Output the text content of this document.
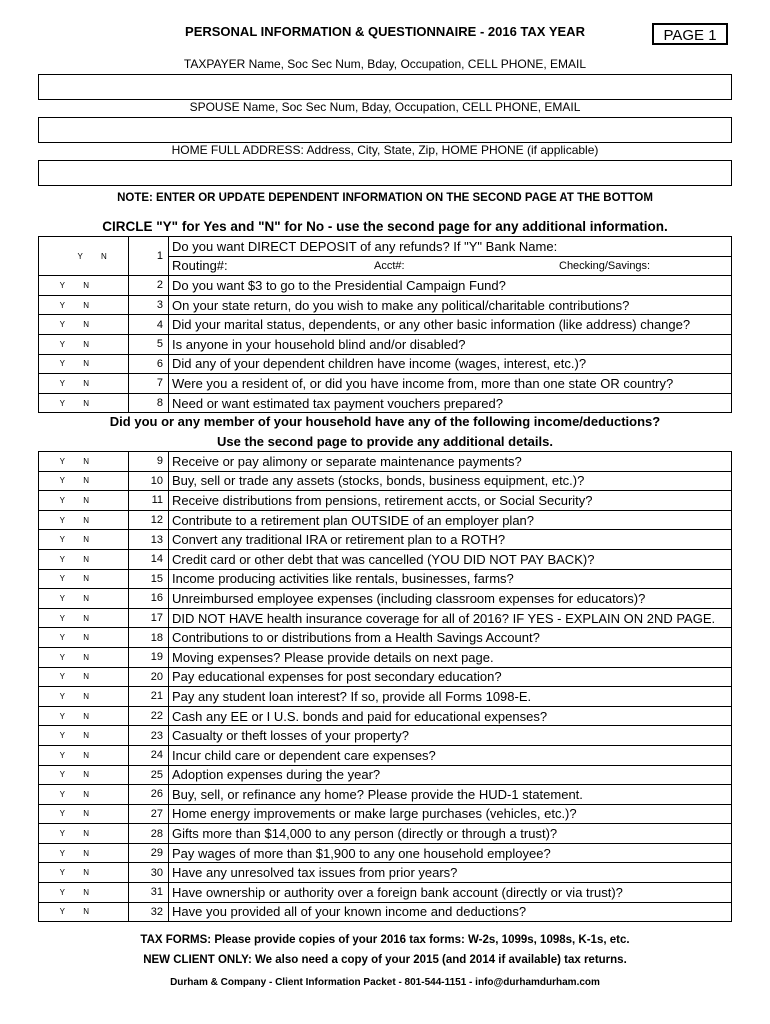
PERSONAL INFORMATION & QUESTIONNAIRE - 2016 TAX YEAR	PAGE 1
TAXPAYER Name, Soc Sec Num, Bday, Occupation, CELL PHONE, EMAIL
SPOUSE Name, Soc Sec Num, Bday, Occupation, CELL PHONE, EMAIL
HOME FULL ADDRESS: Address, City, State, Zip, HOME PHONE (if applicable)
NOTE: ENTER OR UPDATE DEPENDENT INFORMATION ON THE SECOND PAGE AT THE BOTTOM
CIRCLE "Y" for Yes and "N" for No - use the second page for any additional information.

Y N	1	Do you want DIRECT DEPOSIT of any refunds? If "Y" Bank Name:
		Routing#: Acct#: Checking/Savings:

Y N	2	Do you want $3 to go to the Presidential Campaign Fund?
Y N	3	On your state return, do you wish to make any political/charitable contributions?
Y N	4	Did your marital status, dependents, or any other basic information (like address) change?
Y N	5	Is anyone in your household blind and/or disabled?
Y N	6	Did any of your dependent children have income (wages, interest, etc.)?
Y N	7	Were you a resident of, or did you have income from, more than one state OR country?
Y N	8	Need or want estimated tax payment vouchers prepared?
Did you or any member of your household have any of the following income/deductions?
Use the second page to provide any additional details.
Y N	9	Receive or pay alimony or separate maintenance payments?
Y N	10	Buy, sell or trade any assets (stocks, bonds, business equipment, etc.)?
Y N	11	Receive distributions from pensions, retirement accts, or Social Security?
Y N	12	Contribute to a retirement plan OUTSIDE of an employer plan?
Y N	13	Convert any traditional IRA or retirement plan to a ROTH?
Y N	14	Credit card or other debt that was cancelled (YOU DID NOT PAY BACK)?
Y N	15	Income producing activities like rentals, businesses, farms?
Y N	16	Unreimbursed employee expenses (including classroom expenses for educators)?
Y N	17	DID NOT HAVE health insurance coverage for all of 2016? IF YES - EXPLAIN ON 2ND PAGE.
Y N	18	Contributions to or distributions from a Health Savings Account?
Y N	19	Moving expenses? Please provide details on next page.
Y N	20	Pay educational expenses for post secondary education?
Y N	21	Pay any student loan interest? If so, provide all Forms 1098-E.
Y N	22	Cash any EE or I U.S. bonds and paid for educational expenses?
Y N	23	Casualty or theft losses of your property?
Y N	24	Incur child care or dependent care expenses?
Y N	25	Adoption expenses during the year?
Y N	26	Buy, sell, or refinance any home? Please provide the HUD-1 statement.
Y N	27	Home energy improvements or make large purchases (vehicles, etc.)?
Y N	28	Gifts more than $14,000 to any person (directly or through a trust)?
Y N	29	Pay wages of more than $1,900 to any one household employee?
Y N	30	Have any unresolved tax issues from prior years?
Y N	31	Have ownership or authority over a foreign bank account (directly or via trust)?
Y N	32	Have you provided all of your known income and deductions?
TAX FORMS: Please provide copies of your 2016 tax forms: W-2s, 1099s, 1098s, K-1s, etc.
NEW CLIENT ONLY: We also need a copy of your 2015 (and 2014 if available) tax returns.
Durham & Company - Client Information Packet - 801-544-1151 - info@durhamdurham.com
